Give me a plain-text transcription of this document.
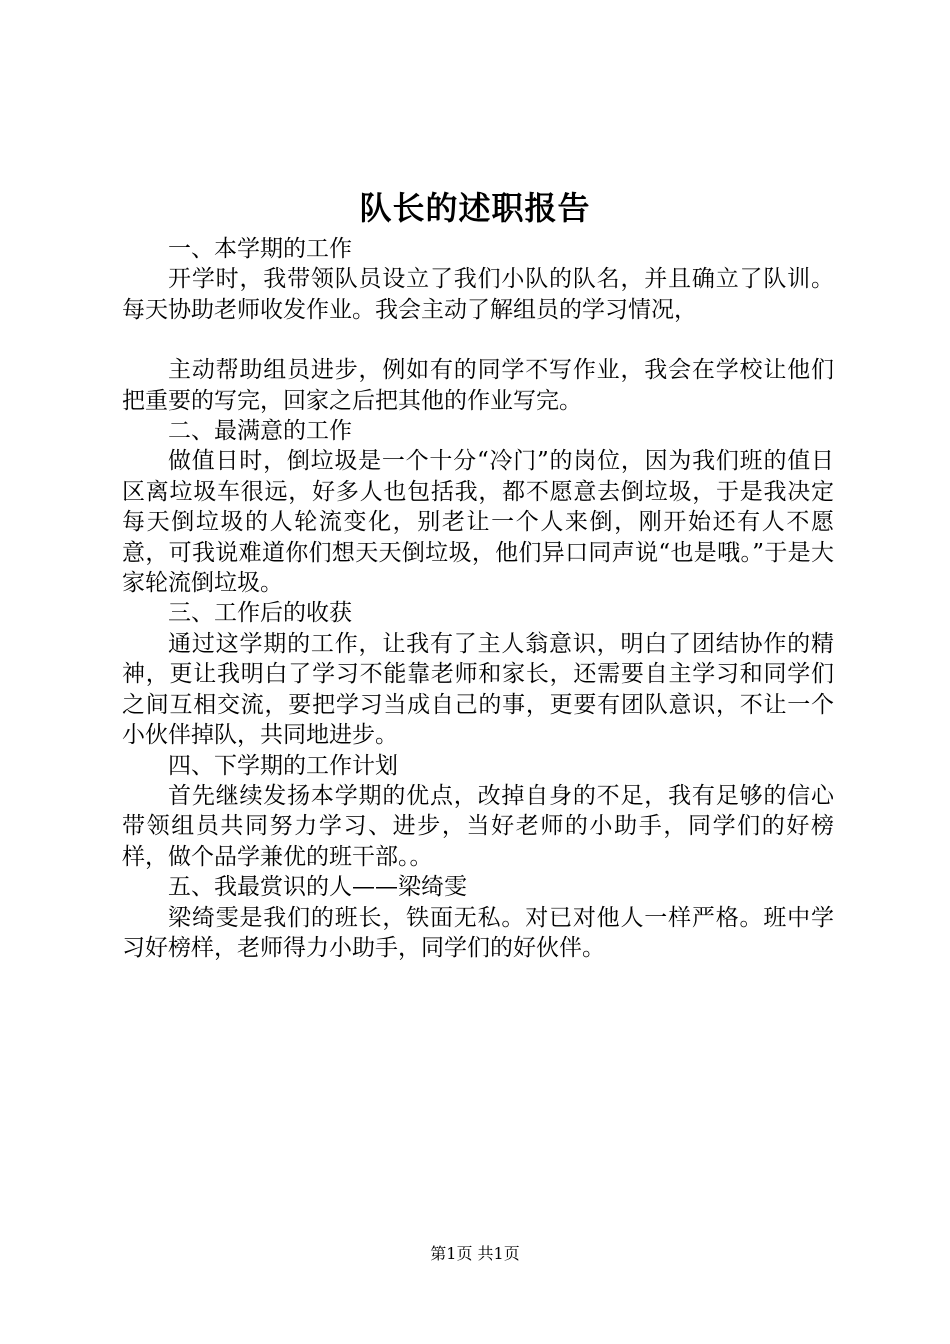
队长的述职报告
一、本学期的工作

开学时，我带领队员设立了我们小队的队名，并且确立了队训。每天协助老师收发作业。我会主动了解组员的学习情况，

主动帮助组员进步，例如有的同学不写作业，我会在学校让他们把重要的写完，回家之后把其他的作业写完。

二、最满意的工作

做值日时，倒垃圾是一个十分“冷门”的岗位，因为我们班的值日区离垃圾车很远，好多人也包括我，都不愿意去倒垃圾，于是我决定每天倒垃圾的人轮流变化，别老让一个人来倒，刚开始还有人不愿意，可我说难道你们想天天倒垃圾，他们异口同声说“也是哦。”于是大家轮流倒垃圾。

三、工作后的收获

通过这学期的工作，让我有了主人翁意识，明白了团结协作的精神，更让我明白了学习不能靠老师和家长，还需要自主学习和同学们之间互相交流，要把学习当成自己的事，更要有团队意识，不让一个小伙伴掉队，共同地进步。

四、下学期的工作计划

首先继续发扬本学期的优点，改掉自身的不足，我有足够的信心带领组员共同努力学习、进步，当好老师的小助手，同学们的好榜样，做个品学兼优的班干部。。

五、我最赏识的人——梁绮雯

梁绮雯是我们的班长，铁面无私。对已对他人一样严格。班中学习好榜样，老师得力小助手，同学们的好伙伴。

第1页 共1页
